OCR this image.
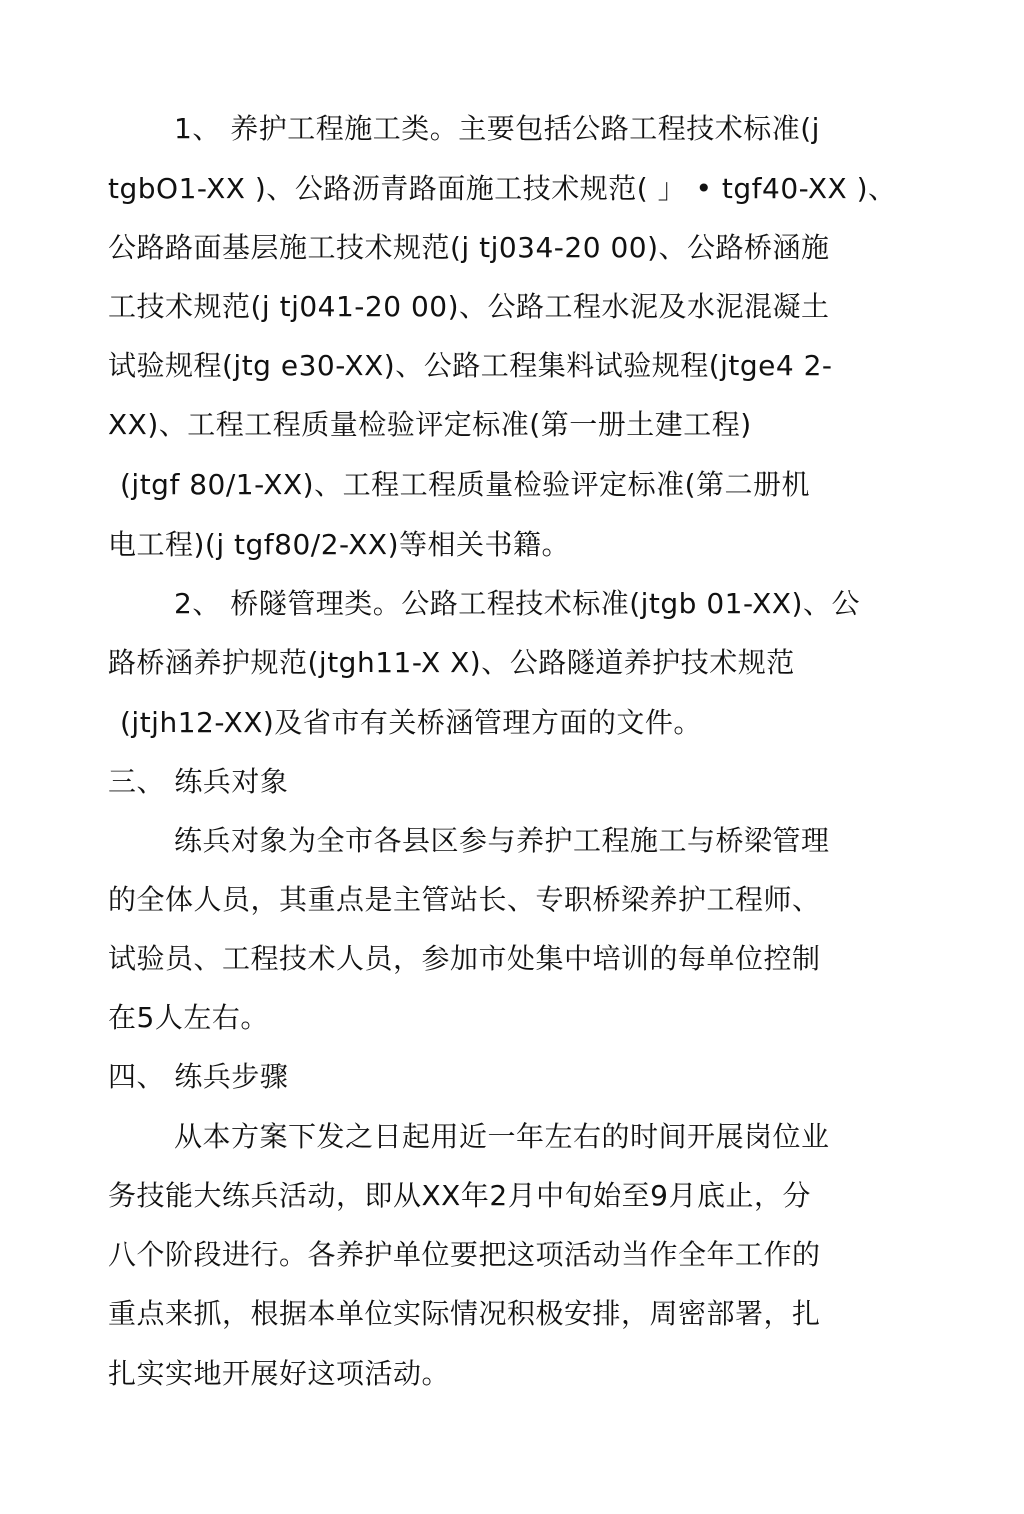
1、 养护工程施工类。主要包括公路工程技术标准(j
tgbO1-XX )、公路沥青路面施工技术规范( 」 • tgf40-XX )、
公路路面基层施工技术规范(j tj034-20 00)、公路桥涵施
工技术规范(j tj041-20 00)、公路工程水泥及水泥混凝土
试验规程(jtg e30-XX)、公路工程集料试验规程(jtge4 2-
XX)、工程工程质量检验评定标准(第一册土建工程)
(jtgf 80/1-XX)、工程工程质量检验评定标准(第二册机
电工程)(j tgf80/2-XX)等相关书籍。
2、 桥隧管理类。公路工程技术标准(jtgb 01-XX)、公
路桥涵养护规范(jtgh11-X X)、公路隧道养护技术规范
(jtjh12-XX)及省市有关桥涵管理方面的文件。
三、 练兵对象
练兵对象为全市各县区参与养护工程施工与桥梁管理
的全体人员，其重点是主管站长、专职桥梁养护工程师、
试验员、工程技术人员，参加市处集中培训的每单位控制
在5人左右。
四、 练兵步骤
从本方案下发之日起用近一年左右的时间开展岗位业
务技能大练兵活动，即从XX年2月中旬始至9月底止，分
八个阶段进行。各养护单位要把这项活动当作全年工作的
重点来抓，根据本单位实际情况积极安排，周密部署，扎
扎实实地开展好这项活动。
